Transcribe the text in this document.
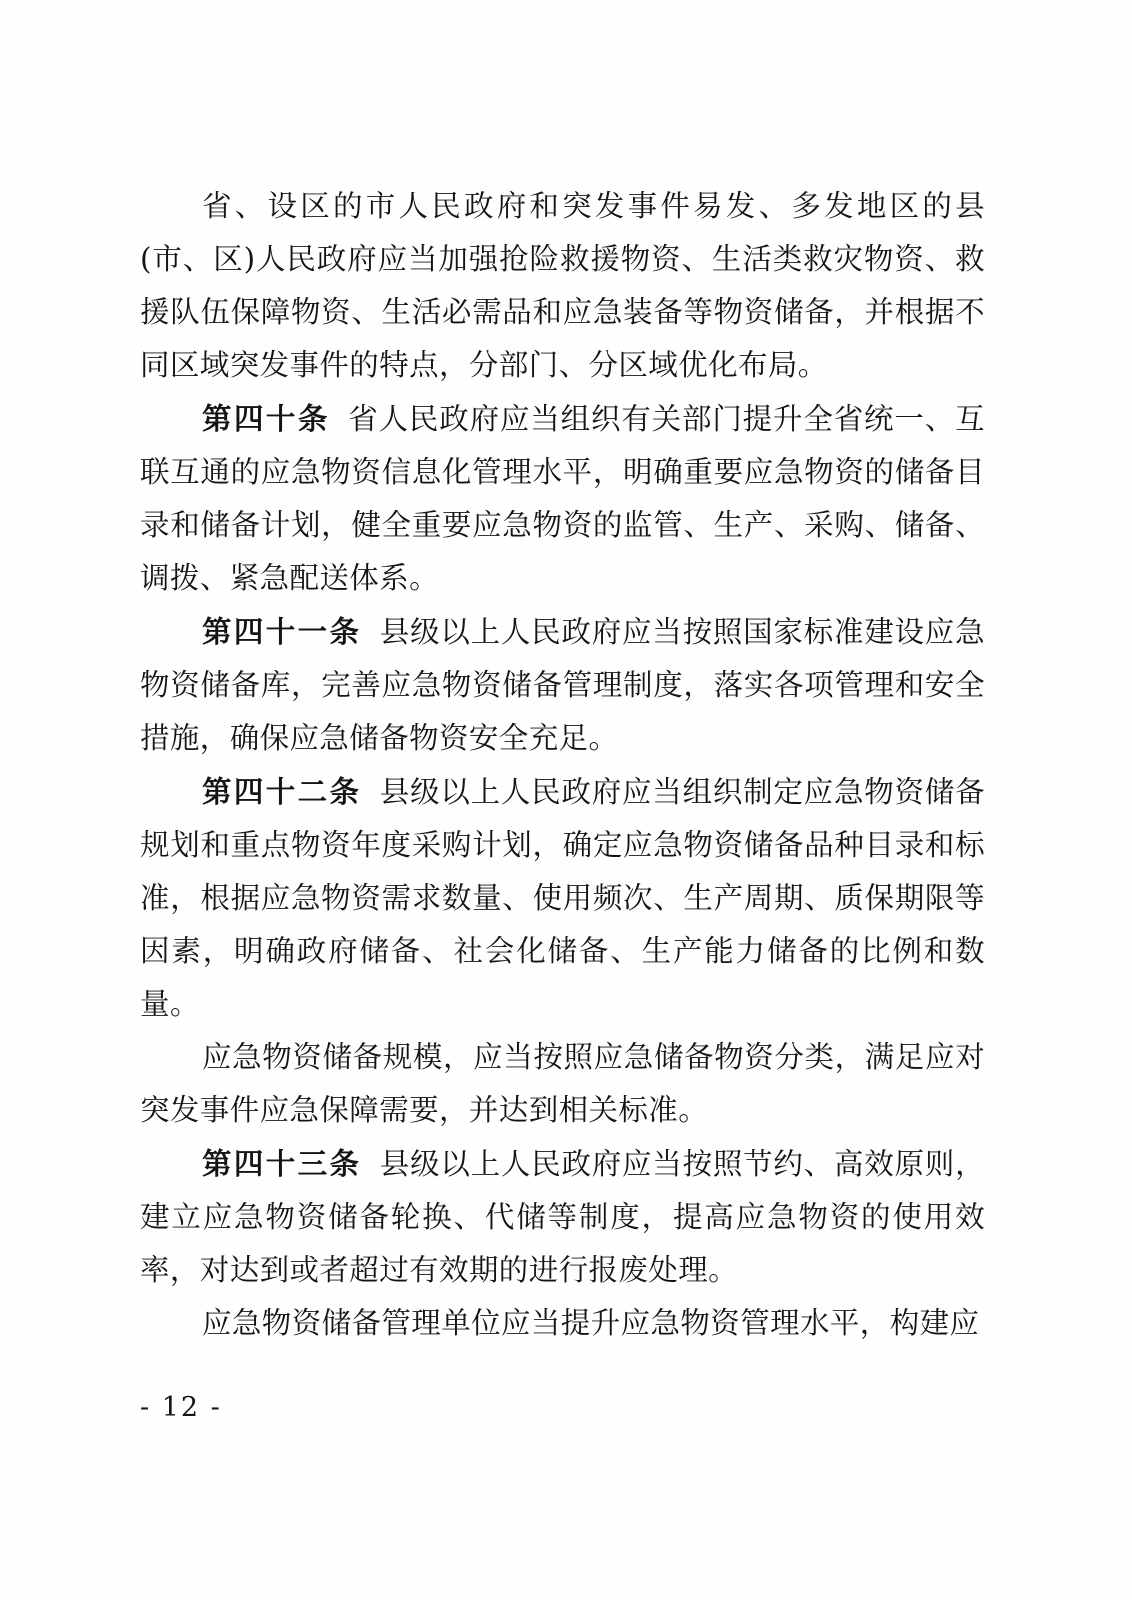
省、设区的市人民政府和突发事件易发、多发地区的县(市、区)人民政府应当加强抢险救援物资、生活类救灾物资、救援队伍保障物资、生活必需品和应急装备等物资储备，并根据不同区域突发事件的特点，分部门、分区域优化布局。

第四十条 省人民政府应当组织有关部门提升全省统一、互联互通的应急物资信息化管理水平，明确重要应急物资的储备目录和储备计划，健全重要应急物资的监管、生产、采购、储备、调拨、紧急配送体系。

第四十一条 县级以上人民政府应当按照国家标准建设应急物资储备库，完善应急物资储备管理制度，落实各项管理和安全措施，确保应急储备物资安全充足。

第四十二条 县级以上人民政府应当组织制定应急物资储备规划和重点物资年度采购计划，确定应急物资储备品种目录和标准，根据应急物资需求数量、使用频次、生产周期、质保期限等因素，明确政府储备、社会化储备、生产能力储备的比例和数量。

应急物资储备规模，应当按照应急储备物资分类，满足应对突发事件应急保障需要，并达到相关标准。

第四十三条 县级以上人民政府应当按照节约、高效原则，建立应急物资储备轮换、代储等制度，提高应急物资的使用效率，对达到或者超过有效期的进行报废处理。

应急物资储备管理单位应当提升应急物资管理水平，构建应

- 12 -
